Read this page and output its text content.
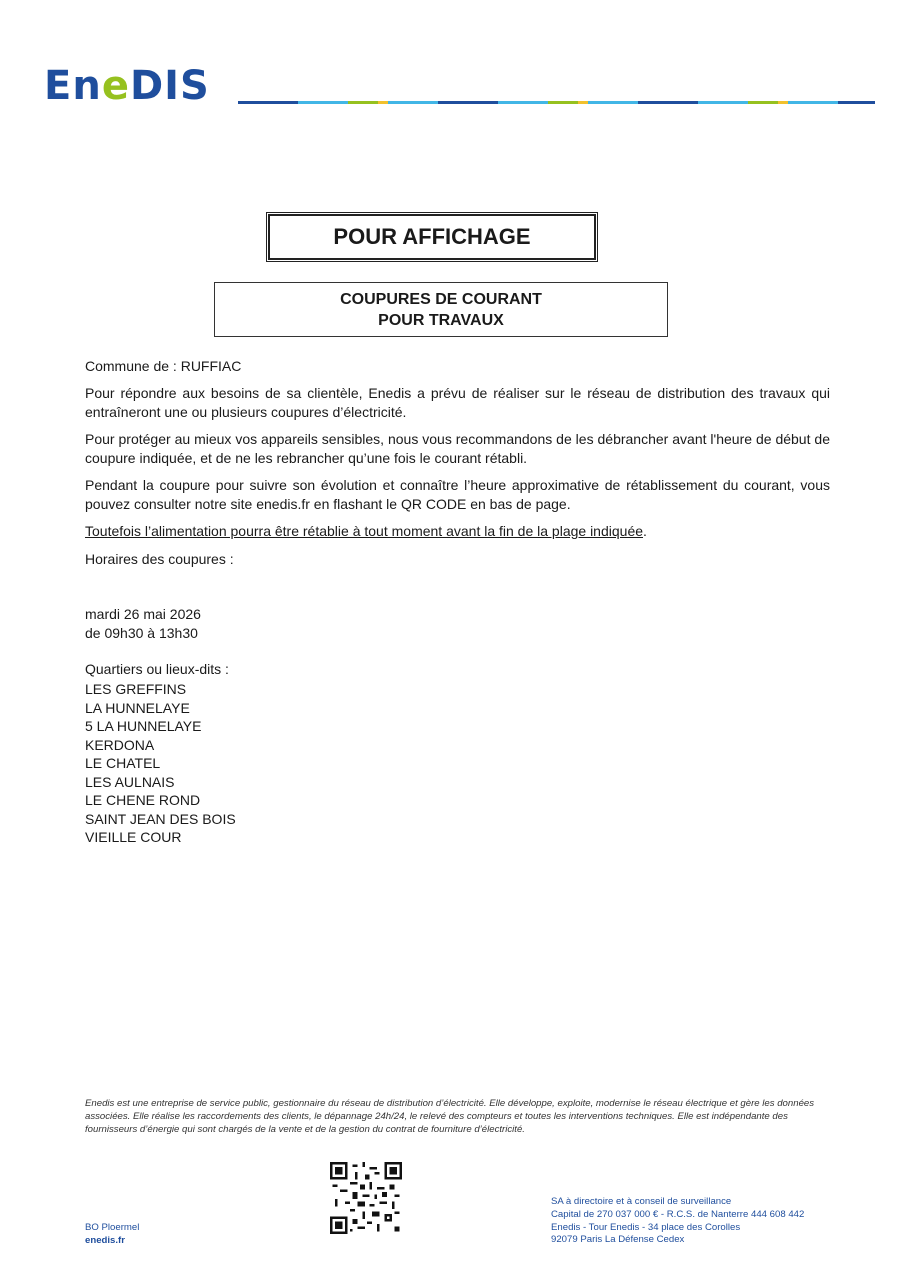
EneDIS
POUR AFFICHAGE
COUPURES DE COURANT
POUR TRAVAUX
Commune de : RUFFIAC
Pour répondre aux besoins de sa clientèle, Enedis a prévu de réaliser sur le réseau de distribution des travaux qui entraîneront une ou plusieurs coupures d’électricité.
Pour protéger au mieux vos appareils sensibles, nous vous recommandons de les débrancher avant l'heure de début de coupure indiquée, et de ne les rebrancher qu’une fois le courant rétabli.
Pendant la coupure pour suivre son évolution et connaître l’heure approximative de rétablissement du courant, vous pouvez consulter notre site enedis.fr en flashant le QR CODE en bas de page.
Toutefois l’alimentation pourra être rétablie à tout moment avant la fin de la plage indiquée.
Horaires des coupures :
mardi 26 mai 2026
de 09h30 à 13h30
Quartiers ou lieux-dits :
LES GREFFINS
LA HUNNELAYE
5 LA HUNNELAYE
KERDONA
LE CHATEL
LES AULNAIS
LE CHENE ROND
SAINT JEAN DES BOIS
VIEILLE COUR
Enedis est une entreprise de service public, gestionnaire du réseau de distribution d’électricité. Elle développe, exploite, modernise le réseau électrique et gère les données associées. Elle réalise les raccordements des clients, le dépannage 24h/24, le relevé des compteurs et toutes les interventions techniques. Elle est indépendante des fournisseurs d’énergie qui sont chargés de la vente et de la gestion du contrat de fourniture d’électricité.
BO Ploermel
enedis.fr
SA à directoire et à conseil de surveillance
Capital de 270 037 000 € - R.C.S. de Nanterre 444 608 442
Enedis - Tour Enedis - 34 place des Corolles
92079 Paris La Défense Cedex
